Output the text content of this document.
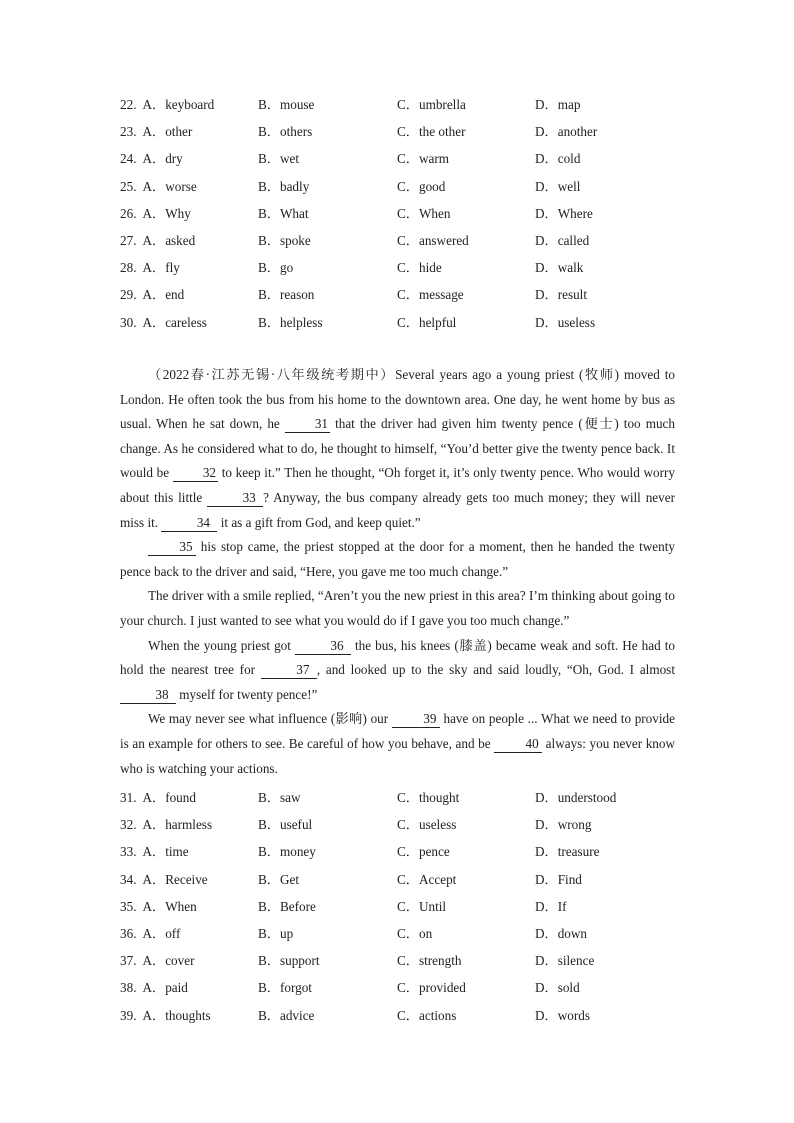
22. A．keyboard	B．mouse	C．umbrella	D．map
23. A．other	B．others	C．the other	D．another
24. A．dry	B．wet	C．warm	D．cold
25. A．worse	B．badly	C．good	D．well
26. A．Why	B．What	C．When	D．Where
27. A．asked	B．spoke	C．answered	D．called
28. A．fly	B．go	C．hide	D．walk
29. A．end	B．reason	C．message	D．result
30. A．careless	B．helpless	C．helpful	D．useless

（2022春·江苏无锡·八年级统考期中）Several years ago a young priest (牧师) moved to London. He often took the bus from his home to the downtown area. One day, he went home by bus as usual. When he sat down, he 31 that the driver had given him twenty pence (便士) too much change. As he considered what to do, he thought to himself, “You’d better give the twenty pence back. It would be 32 to keep it.” Then he thought, “Oh forget it, it’s only twenty pence. Who would worry about this little	33 ? Anyway, the bus company already gets too much money; they will never miss it.	34 it as a gift from God, and keep quiet.”

35 his stop came, the priest stopped at the door for a moment, then he handed the twenty pence back to the driver and said, “Here, you gave me too much change.”

The driver with a smile replied, “Aren’t you the new priest in this area? I’m thinking about going to your church. I just wanted to see what you would do if I gave you too much change.”

When the young priest got	36 the bus, his knees (膝盖) became weak and soft. He had to hold the nearest tree for	37 , and looked up to the sky and said loudly, “Oh, God. I almost 38 myself for twenty pence!”

We may never see what influence (影响) our 39 have on people ... What we need to provide is an example for others to see. Be careful of how you behave, and be 40 always: you never know who is watching your actions.

31. A．found	B．saw	C．thought	D．understood
32. A．harmless	B．useful	C．useless	D．wrong
33. A．time	B．money	C．pence	D．treasure
34. A．Receive	B．Get	C．Accept	D．Find
35. A．When	B．Before	C．Until	D．If
36. A．off	B．up	C．on	D．down
37. A．cover	B．support	C．strength	D．silence
38. A．paid	B．forgot	C．provided	D．sold
39. A．thoughts	B．advice	C．actions	D．words
